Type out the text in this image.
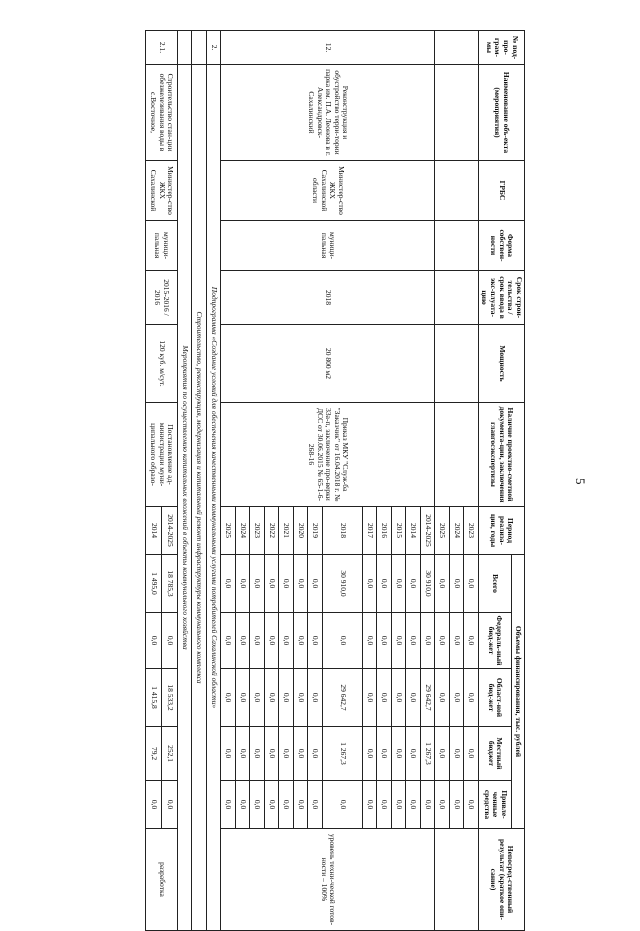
5
№ под-про-грам-мы	Наименование объ-екта (мероприятия)	ГРБС	Форма собствен-ности	Срок строи-тельства / срок ввода в экс-плуата-цию	Мощность	Наличие проектно-сметной документа-ции, заключения главгосэкспертизы	Период реализа-ции, годы	Объемы финансирования, тыс. рублей					Непосред-ственный результат (краткое опи-сание)
								Всего	Федераль-ный бюд-жет	Област-ной бюд-жет	Местный бюджет	Привле-ченные средства	
							2023	0,0	0,0	0,0	0,0	0,0	
							2024	0,0	0,0	0,0	0,0	0,0	
							2025	0,0	0,0	0,0	0,0	0,0	
12.	Реконструкция и обустройство терри-тории парка им. П.А. Леонова в г. Александровск-Сахалинский	Министер-ство ЖКХ Сахалинской области	муници-пальная	2018	20 800 м2	Приказ МКУ "Служ-ба "Заказчик" от 16.04.2018 г. № 33а-п, заключение про-верки ДСС от 30.06.2015 № 65-1-6-268-16	2014-2025	30 910,0	0,0	29 642,7	1 267,3	0,0	уровень техни-ческой готов-ности – 100%
							2014	0,0	0,0	0,0	0,0	0,0	
							2015	0,0	0,0	0,0	0,0	0,0	
							2016	0,0	0,0	0,0	0,0	0,0	
							2017	0,0	0,0	0,0	0,0	0,0	
							2018	30 910,0	0,0	29 642,7	1 267,3	0,0	
							2019	0,0	0,0	0,0	0,0	0,0	
							2020	0,0	0,0	0,0	0,0	0,0	
							2021	0,0	0,0	0,0	0,0	0,0	
							2022	0,0	0,0	0,0	0,0	0,0	
							2023	0,0	0,0	0,0	0,0	0,0	
							2024	0,0	0,0	0,0	0,0	0,0	
							2025	0,0	0,0	0,0	0,0	0,0	
2.	Подпрограмма «Создание условий для обеспечения качественными коммунальными услугами потребителей Сахалинской области»												
	Строительство, реконструкция, модернизация и капитальный ремонт инфраструктуры коммунального комплекса												
	Мероприятия по осуществлению капитальных вложений в объекты коммунального хозяйства												
2.1.	Строительство стан-ции обезжелезивания воды в с.Восточное,	Министер-ство ЖКХ Сахалинской	муници-пальная	2015-2016 / 2016	120 куб. м/сут.	Постановление ад-министрации муни-ципального образо-	2014-2025	18 785,3	0,0	18 533,2	252,1	0,0	разработка
							2014	1 495,0	0,0	1 415,8	79,2	0,0	
